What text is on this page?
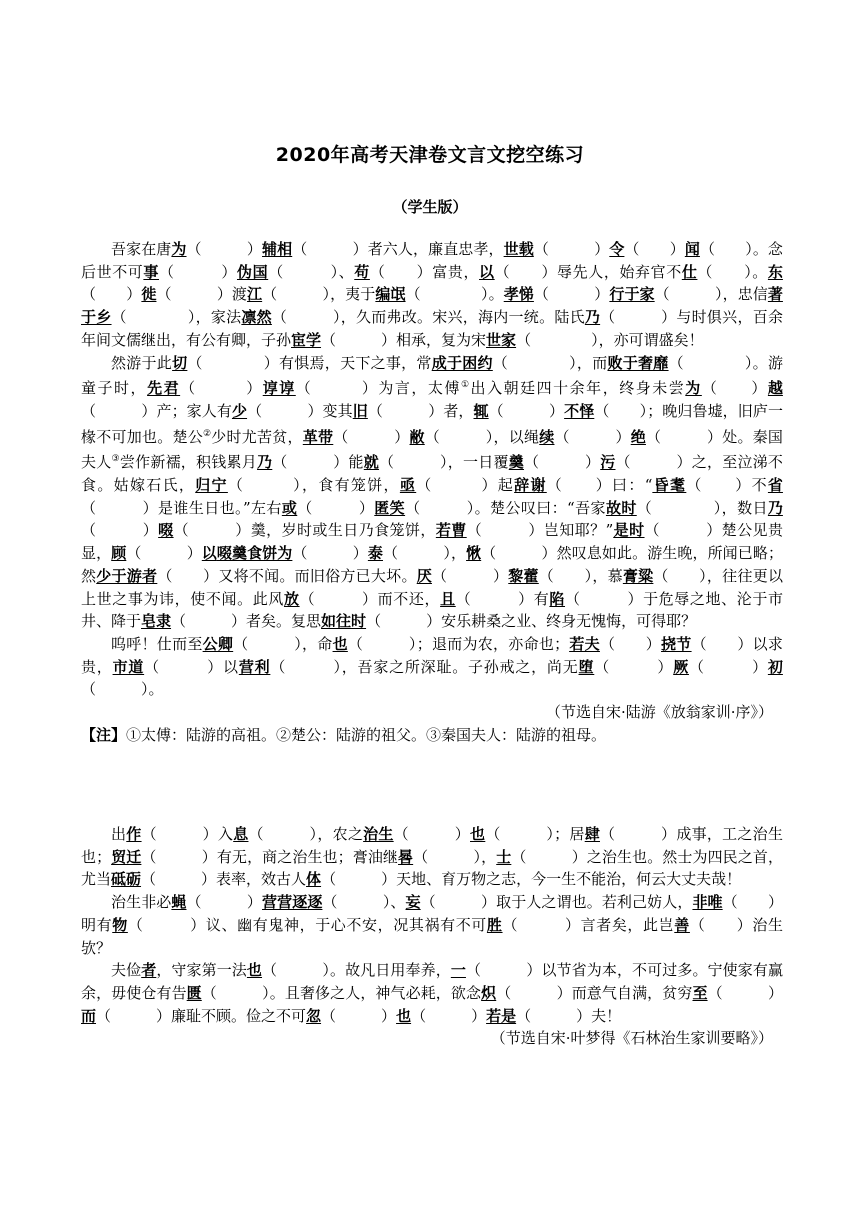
2020年高考天津卷文言文挖空练习
（学生版）

吾家在唐为（　　　）辅相（　　　）者六人，廉直忠孝，世载（　　　）令（　　）闻（　　）。念后世不可事（　　　）伪国（　　　）、苟（　　）富贵，以（　　）辱先人，始弃官不仕（　　）。东（　　）徙（　　　）渡江（　　　），夷于编氓（　　　　）。孝悌（　　　）行于家（　　　），忠信著于乡（　　　　），家法凛然（　　　），久而弗改。宋兴，海内一统。陆氏乃（　　　）与时俱兴，百余年间文儒继出，有公有卿，子孙宦学（　　　）相承，复为宋世家（　　　　），亦可谓盛矣！

然游于此切（　　　　）有惧焉，天下之事，常成于困约（　　　　），而败于奢靡（　　　　）。游童子时，先君（　　　）谆谆（　　　）为言，太傅①出入朝廷四十余年，终身未尝为（　　）越（　　　）产；家人有少（　　　）变其旧（　　　）者，辄（　　　）不怿（　　）；晚归鲁墟，旧庐一椽不可加也。楚公②少时尤苦贫，革带（　　　）敝（　　　），以绳续（　　　）绝（　　　）处。秦国夫人③尝作新襦，积钱累月乃（　　　）能就（　　　），一日覆羹（　　　）污（　　　）之，至泣涕不食。姑嫁石氏，归宁（　　　），食有笼饼，亟（　　　）起辞谢（　　）曰：“昏耄（　　）不省（　　　）是谁生日也。”左右或（　　　）匿笑（　　　）。楚公叹曰：“吾家故时（　　　　），数日乃（　　　）啜（　　　）羹，岁时或生日乃食笼饼，若曹（　　　）岂知耶？”是时（　　　）楚公见贵显，顾（　　　）以啜羹食饼为（　　　）泰（　　　），愀（　　　）然叹息如此。游生晚，所闻已略；然少于游者（　　）又将不闻。而旧俗方已大坏。厌（　　　）黎藿（　　），慕膏粱（　　），往往更以上世之事为讳，使不闻。此风放（　　　）而不还，且（　　　）有陷（　　　）于危辱之地、沦于市井、降于皂隶（　　　）者矣。复思如往时（　　　）安乐耕桑之业、终身无愧悔，可得耶？

呜呼！仕而至公卿（　　　），命也（　　　）；退而为农，亦命也；若夫（　　）挠节（　　）以求贵，市道（　　　）以营利（　　　），吾家之所深耻。子孙戒之，尚无堕（　　　）厥（　　　）初（　　　）。

（节选自宋·陆游《放翁家训·序》）

【注】①太傅：陆游的高祖。②楚公：陆游的祖父。③秦国夫人：陆游的祖母。

出作（　　　）入息（　　　），农之治生（　　　）也（　　　）；居肆（　　　）成事，工之治生也；贸迁（　　　）有无，商之治生也；膏油继晷（　　　），士（　　　）之治生也。然士为四民之首，尤当砥砺（　　　）表率，效古人体（　　　）天地、育万物之志，今一生不能治，何云大丈夫哉！

治生非必蝇（　　　）营营逐逐（　　　）、妄（　　　）取于人之谓也。若利己妨人，非唯（　　）明有物（　　　）议、幽有鬼神，于心不安，况其祸有不可胜（　　　）言者矣，此岂善（　　）治生欤？

夫俭者，守家第一法也（　　　）。故凡日用奉养，一（　　　）以节省为本，不可过多。宁使家有赢余，毋使仓有告匮（　　　）。且奢侈之人，神气必耗，欲念炽（　　　）而意气自满，贫穷至（　　　）而（　　　）廉耻不顾。俭之不可忽（　　　）也（　　　）若是（　　　）夫！

（节选自宋·叶梦得《石林治生家训要略》）
